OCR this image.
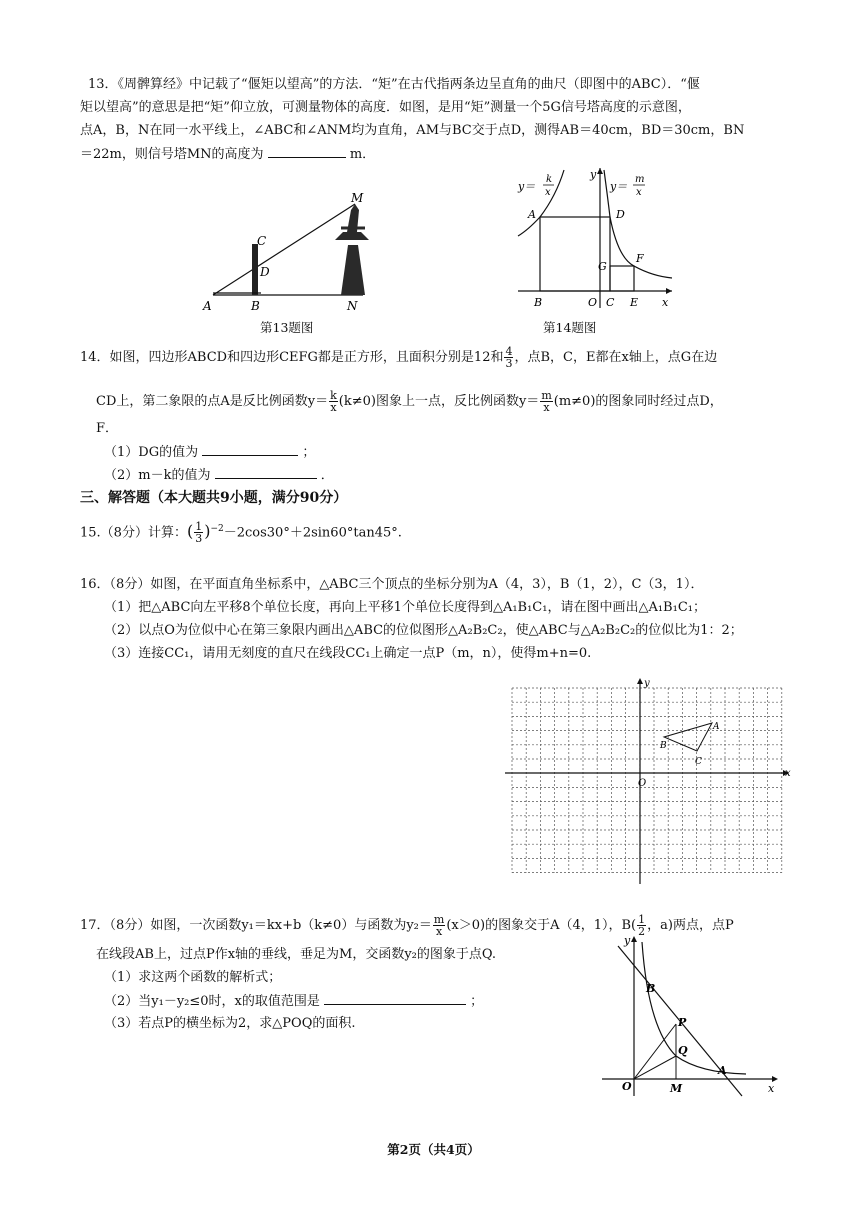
13．《周髀算经》中记载了“偃矩以望高”的方法．“矩”在古代指两条边呈直角的曲尺（即图中的ABC）．“偃
矩以望高”的意思是把“矩”仰立放，可测量物体的高度．如图，是用“矩”测量一个5G信号塔高度的示意图，
点A，B，N在同一水平线上，∠ABC和∠ANM均为直角，AM与BC交于点D，测得AB＝40cm，BD＝30cm，BN
＝22m，则信号塔MN的高度为	m．
A	B
C
D
M
N
第13题图
y＝
k
x	y＝
m
x
y
A	D
G
F
B	O C E x
第14题图
14．如图，四边形ABCD和四边形CEFG都是正方形，且面积分别是12和 $\frac{4}{3}$ ，点B，C，E都在x轴上，点G在边
CD上，第二象限的点A是反比例函数$y= \frac{k}{x} (k\ne 0)$图象上一点，反比例函数$y= \frac{m}{x} (m\ne 0)$的图象同时经过点D，
F．
（1）DG的值为	；
（2）m－k的值为	．
三、解答题（本大题共9小题，满分90分）
15.（8分）计算：( $\frac{1}{3} )^{-2}-2\cos 30^\circ+2\sin 60^\circ\tan 45^\circ$.
16．（8分）如图，在平面直角坐标系中，△ABC三个顶点的坐标分别为A（4，3），B（1，2），C（3，1）．
（1）把△ABC向左平移8个单位长度，再向上平移1个单位长度得到△A₁B₁C₁，请在图中画出△A₁B₁C₁；
（2）以点O为位似中心在第三象限内画出△ABC的位似图形△A₂B₂C₂，使△ABC与△A₂B₂C₂的位似比为1：2；
（3）连接CC₁，请用无刻度的直尺在线段CC₁上确定一点P（m，n），使得m+n=0.
y
x
O
A
B
C
17．（8分）如图，一次函数y₁＝kx+b（k≠0）与函数为$y_2= \frac{m}{x} (x>0)$的图象交于A（4，1），$B( \frac{1}{2}$ ，a)两点，点P
在线段AB上，过点P作x轴的垂线，垂足为M，交函数y₂的图象于点Q.
（1）求这两个函数的解析式；
（2）当y₁－y₂≤0时，x的取值范围是	；
（3）若点P的横坐标为2，求△POQ的面积.
y
B
P
Q
A
O	M	x
第2页（共4页）
